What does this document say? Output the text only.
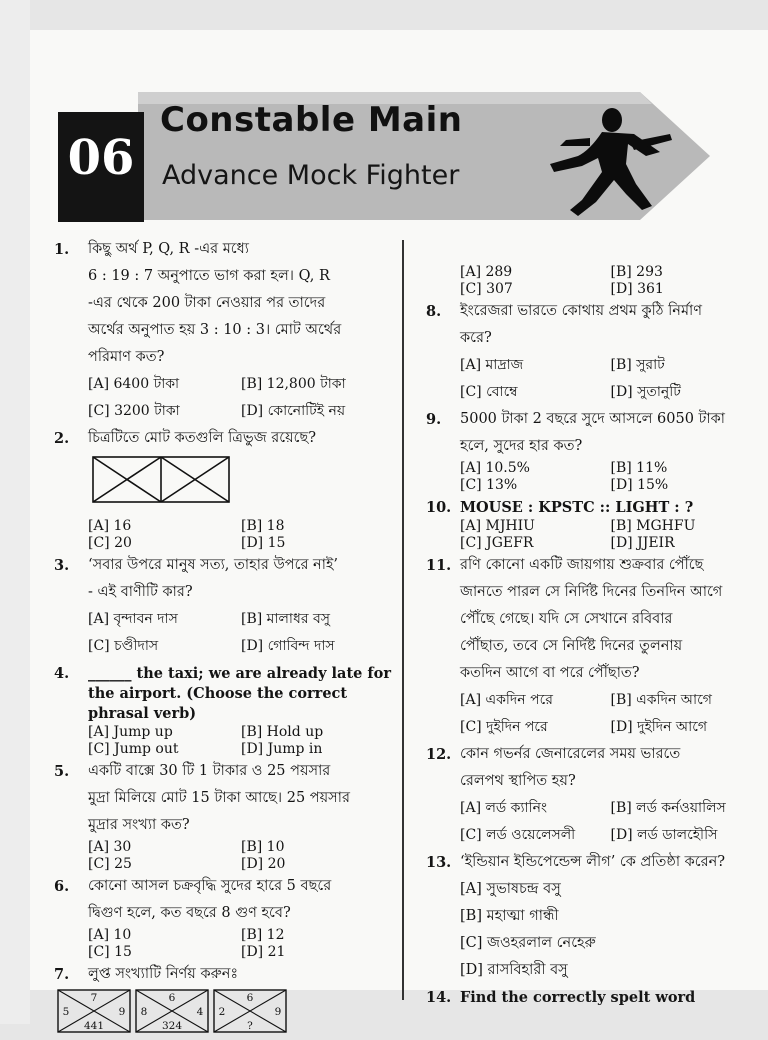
06
Constable Main
Advance Mock Fighter
1. কিছু অর্থ P, Q, R -এর মধ্যে
6 : 19 : 7 অনুপাতে ভাগ করা হল। Q, R
-এর থেকে 200 টাকা নেওয়ার পর তাদের
অর্থের অনুপাত হয় 3 : 10 : 3। মোট অর্থের
পরিমাণ কত?
[A] 6400 টাকা	[B] 12,800 টাকা
[C] 3200 টাকা	[D] কোনোটিই নয়
2. চিত্রটিতে মোট কতগুলি ত্রিভুজ রয়েছে?
[A] 16	[B] 18
[C] 20	[D] 15
3. ‘সবার উপরে মানুষ সত্য, তাহার উপরে নাই’
- এই বাণীটি কার?
[A] বৃন্দাবন দাস	[B] মালাধর বসু
[C] চণ্ডীদাস	[D] গোবিন্দ দাস
4. ______ the taxi; we are already late for
the airport. (Choose the correct
phrasal verb)
[A] Jump up	[B] Hold up
[C] Jump out	[D] Jump in
5. একটি বাক্সে 30 টি 1 টাকার ও 25 পয়সার
মুদ্রা মিলিয়ে মোট 15 টাকা আছে। 25 পয়সার
মুদ্রার সংখ্যা কত?
[A] 30	[B] 10
[C] 25	[D] 20
6. কোনো আসল চক্রবৃদ্ধি সুদের হারে 5 বছরে
দ্বিগুণ হলে, কত বছরে 8 গুণ হবে?
[A] 10	[B] 12
[C] 15	[D] 21
7. লুপ্ত সংখ্যাটি নির্ণয় করুনঃ
7
5	9
441
6
8	4
324
6
2	9
?
[A] 289	[B] 293
[C] 307	[D] 361
8. ইংরেজরা ভারতে কোথায় প্রথম কুঠি নির্মাণ
করে?
[A] মাদ্রাজ	[B] সুরাট
[C] বোম্বে	[D] সুতানুটি
9. 5000 টাকা 2 বছরে সুদে আসলে 6050 টাকা
হলে, সুদের হার কত?
[A] 10.5%	[B] 11%
[C] 13%	[D] 15%
10. MOUSE : KPSTC :: LIGHT : ?
[A] MJHIU	[B] MGHFU
[C] JGEFR	[D] JJEIR
11. রণি কোনো একটি জায়গায় শুক্রবার পৌঁছে
জানতে পারল সে নির্দিষ্ট দিনের তিনদিন আগে
পৌঁছে গেছে। যদি সে সেখানে রবিবার
পৌঁছাত, তবে সে নির্দিষ্ট দিনের তুলনায়
কতদিন আগে বা পরে পৌঁছাত?
[A] একদিন পরে	[B] একদিন আগে
[C] দুইদিন পরে	[D] দুইদিন আগে
12. কোন গভর্নর জেনারেলের সময় ভারতে
রেলপথ স্থাপিত হয়?
[A] লর্ড ক্যানিং	[B] লর্ড কর্নওয়ালিস
[C] লর্ড ওয়েলেসলী	[D] লর্ড ডালহৌসি
13. ‘ইন্ডিয়ান ইন্ডিপেন্ডেন্স লীগ’ কে প্রতিষ্ঠা করেন?
[A] সুভাষচন্দ্র বসু
[B] মহাত্মা গান্ধী
[C] জওহরলাল নেহেরু
[D] রাসবিহারী বসু
14. Find the correctly spelt word
